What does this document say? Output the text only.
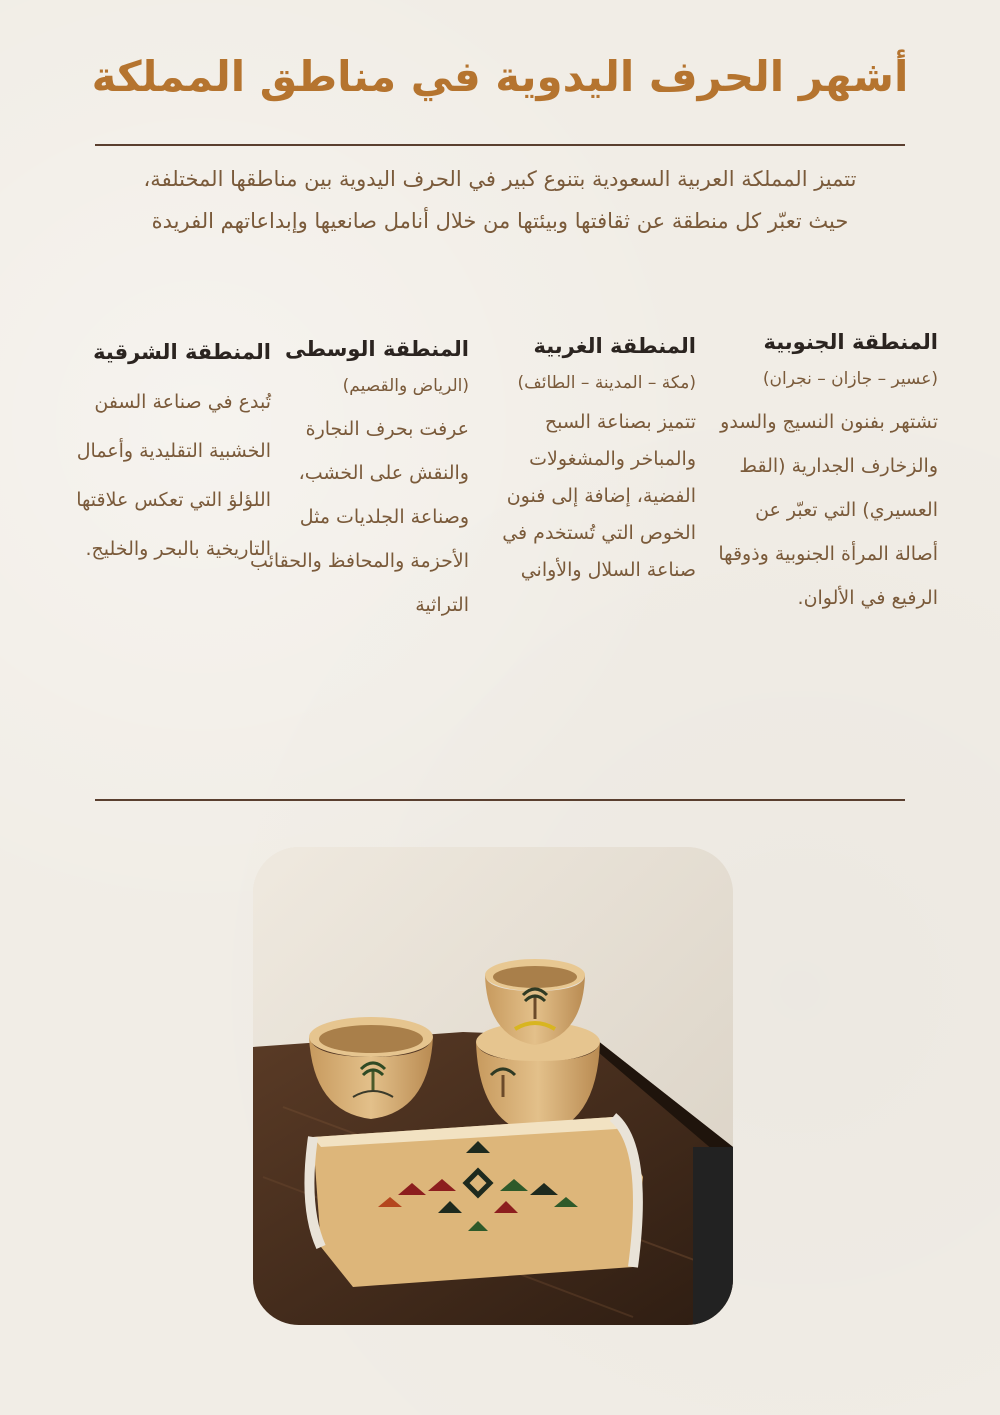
أشهر الحرف اليدوية في مناطق المملكة

تتميز المملكة العربية السعودية بتنوع كبير في الحرف اليدوية بين مناطقها المختلفة، حيث تعبّر كل منطقة عن ثقافتها وبيئتها من خلال أنامل صانعيها وإبداعاتهم الفريدة

المنطقة الجنوبية
(عسير – جازان – نجران)

تشتهر بفنون النسيج والسدو والزخارف الجدارية (القط العسيري) التي تعبّر عن أصالة المرأة الجنوبية وذوقها الرفيع في الألوان.

المنطقة الغربية
(مكة – المدينة – الطائف)

تتميز بصناعة السبح والمباخر والمشغولات الفضية، إضافة إلى فنون الخوص التي تُستخدم في صناعة السلال والأواني

المنطقة الوسطى
(الرياض والقصيم)

عرفت بحرف النجارة والنقش على الخشب، وصناعة الجلديات مثل الأحزمة والمحافظ والحقائب التراثية

المنطقة الشرقية

تُبدع في صناعة السفن الخشبية التقليدية وأعمال اللؤلؤ التي تعكس علاقتها التاريخية بالبحر والخليج.
